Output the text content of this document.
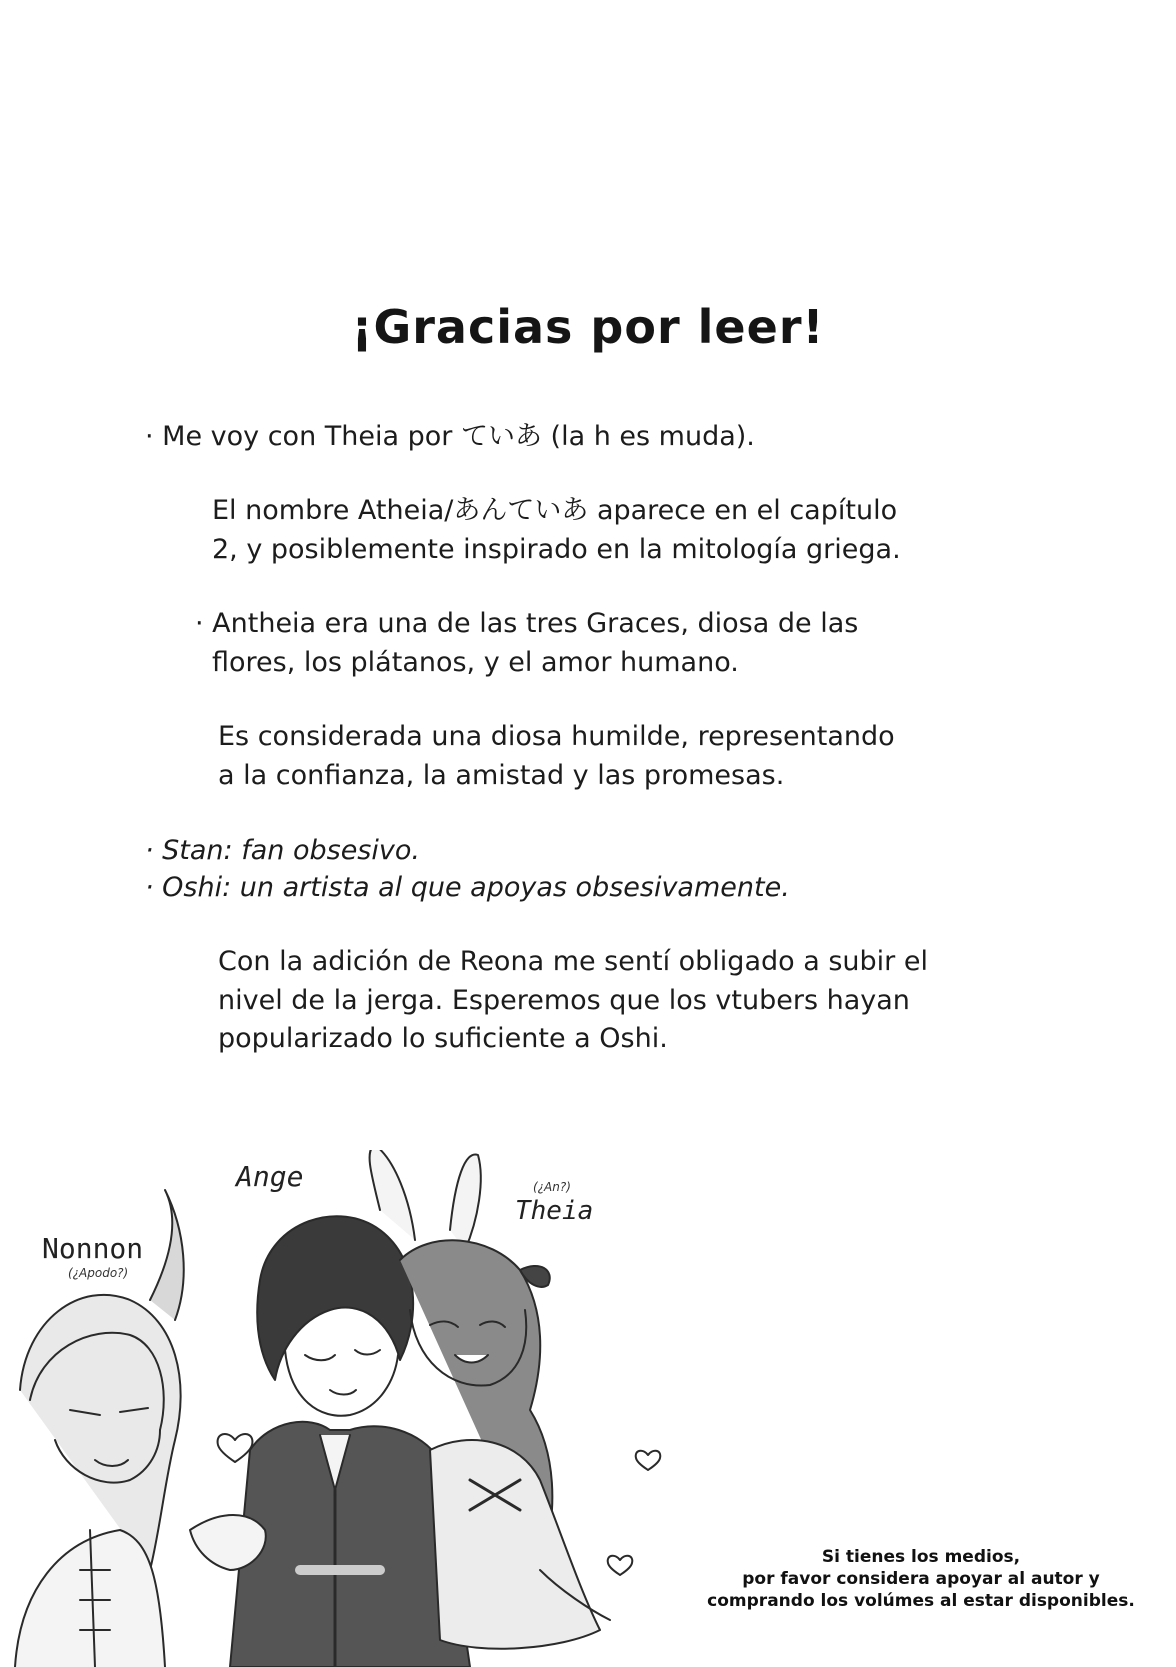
¡Gracias por leer!
· Me voy con Theia por ていあ (la h es muda).
El nombre Atheia/あんていあ aparece en el capítulo
2, y posiblemente inspirado en la mitología griega.
· Antheia era una de las tres Graces, diosa de las
flores, los plátanos, y el amor humano.
Es considerada una diosa humilde, representando
a la confianza, la amistad y las promesas.
· Stan: fan obsesivo.
· Oshi: un artista al que apoyas obsesivamente.
Con la adición de Reona me sentí obligado a subir el
nivel de la jerga. Esperemos que los vtubers hayan
popularizado lo suficiente a Oshi.
Nonnon
(¿Apodo?)
Ange	(¿An?)
Theia
Si tienes los medios,
por favor considera apoyar al autor y
comprando los volúmes al estar disponibles.
